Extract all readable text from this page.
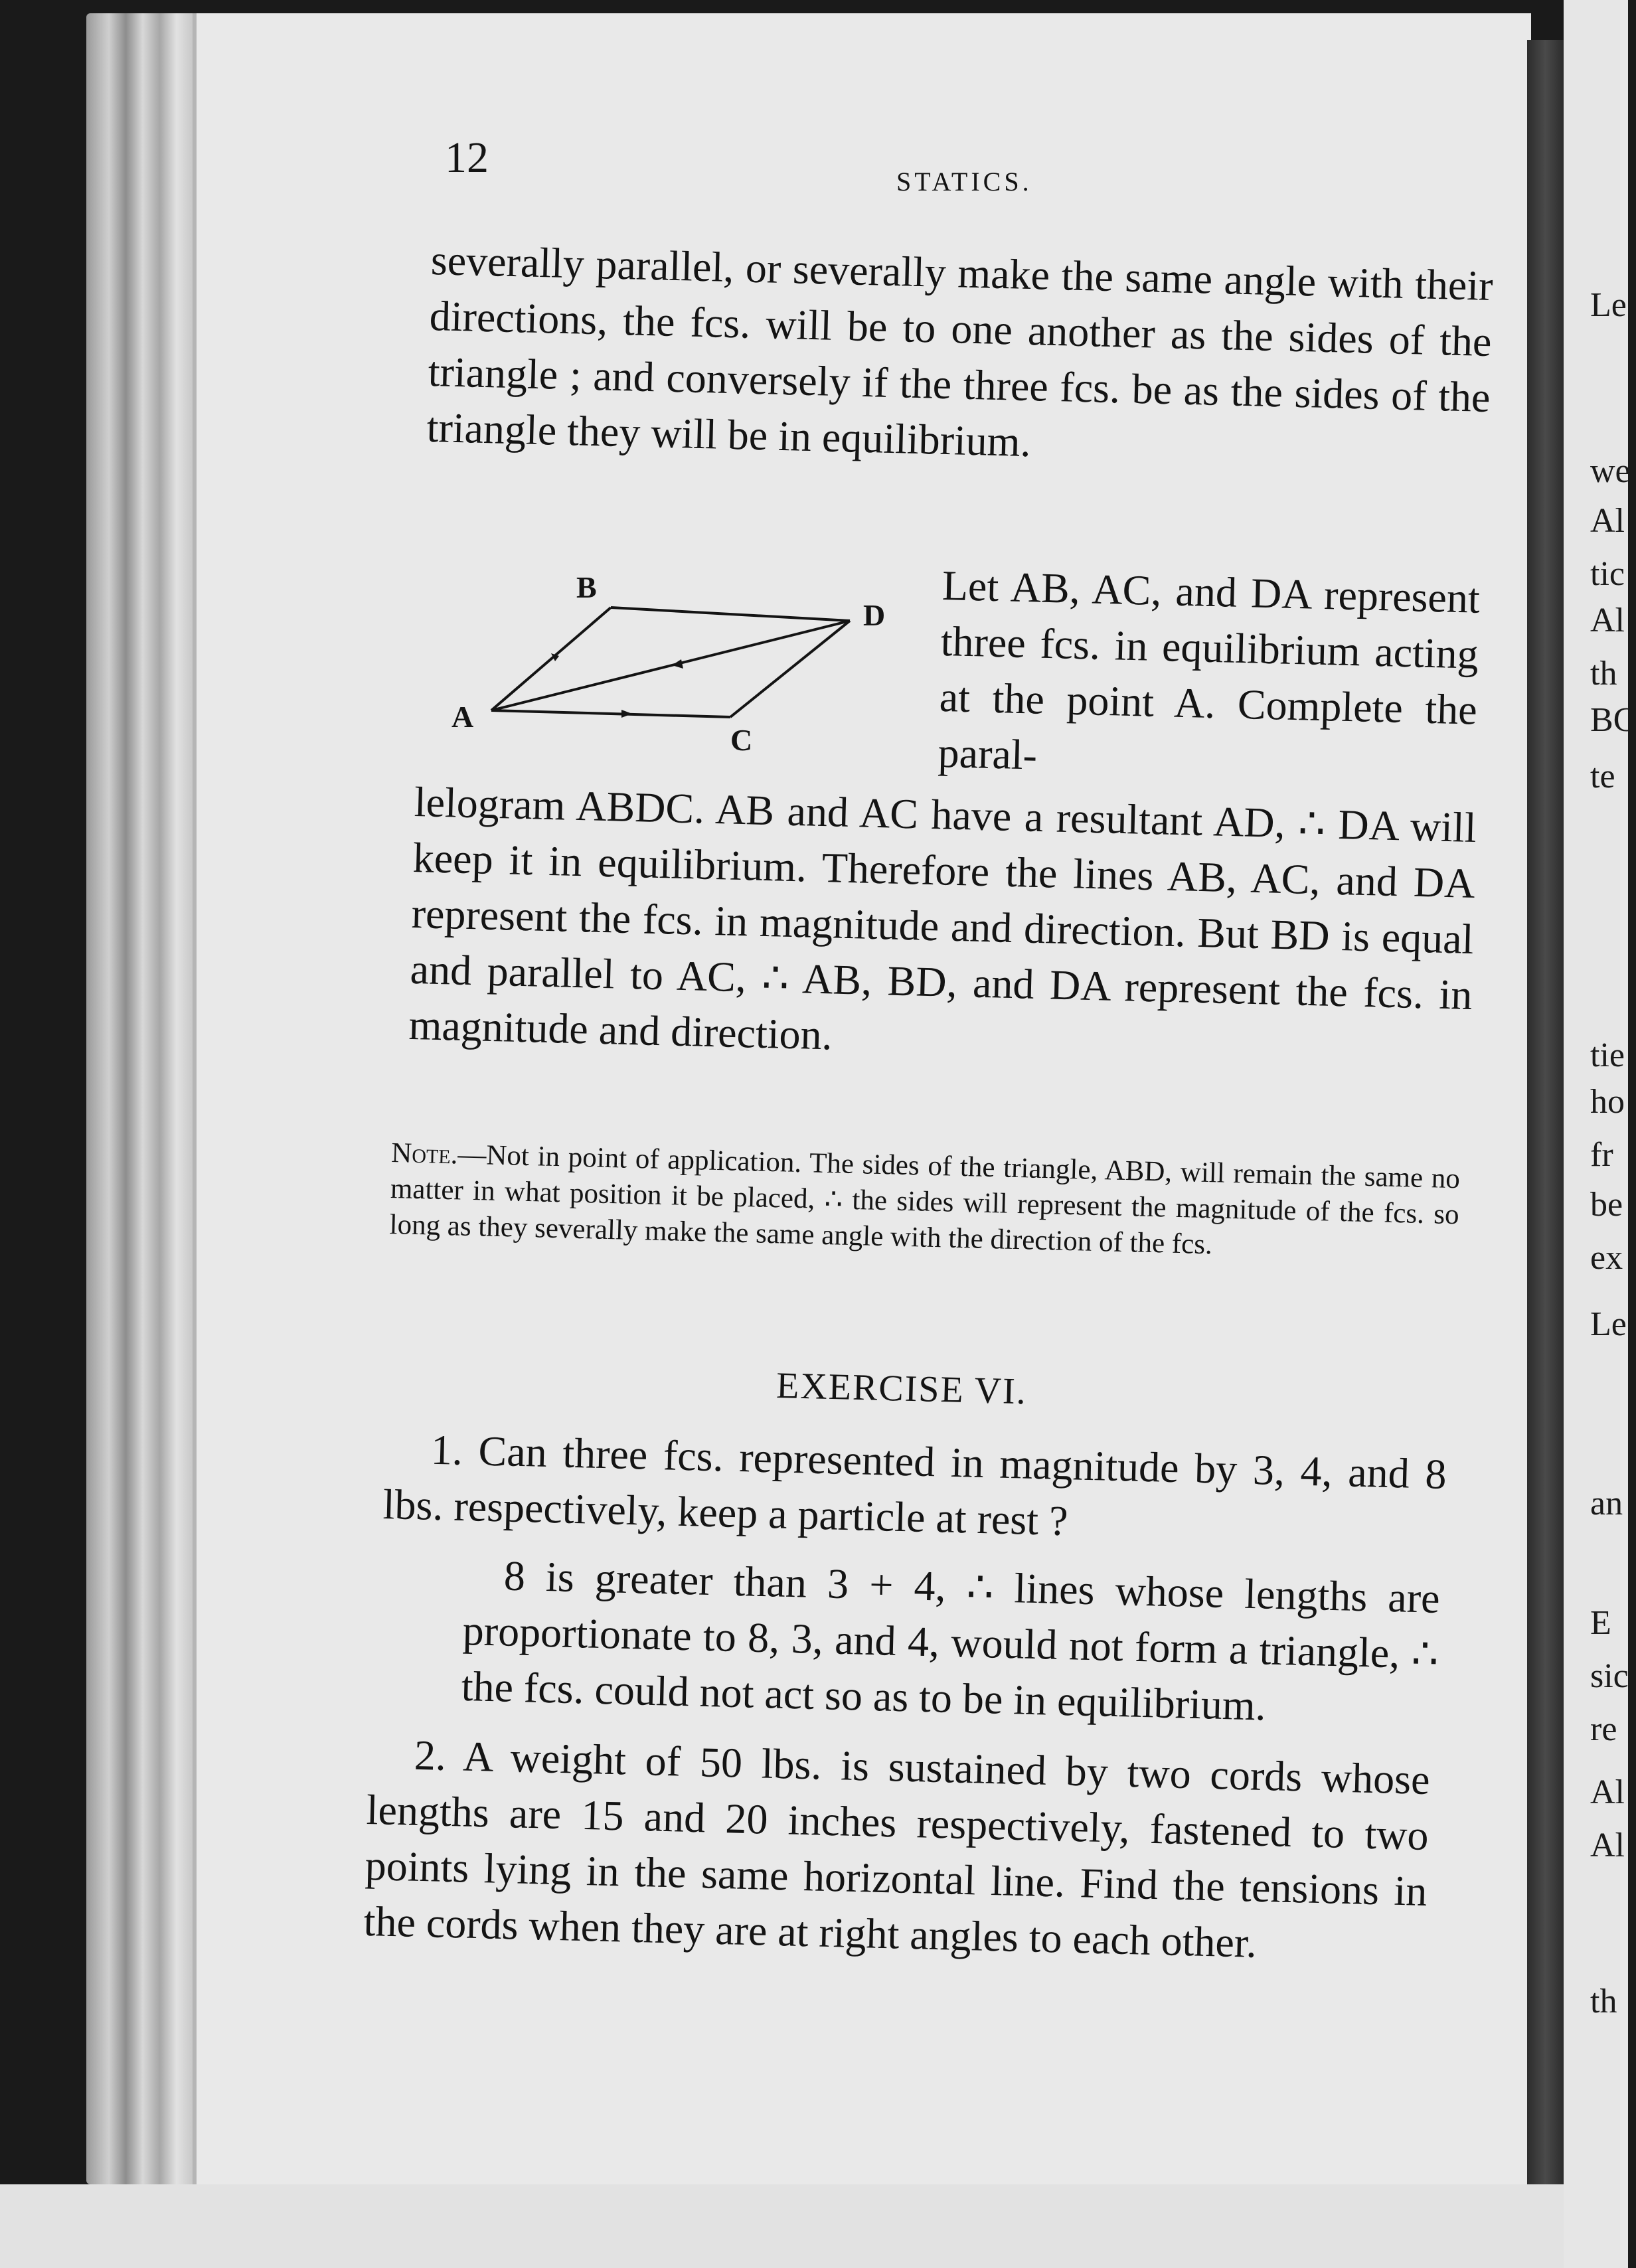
Le
we
Al
tic
Al
th
BC
te
tie
ho
fr
be
ex
Le
an
E
sic
re
Al
Al
th
12	STATICS.
severally parallel, or severally make the same angle with their directions, the fcs. will be to one another as the sides of the triangle ; and conversely if the three fcs. be as the sides of the triangle they will be in equilibrium.
A
B
C
D Let AB, AC, and DA represent three fcs. in equilibrium acting at the point A. Complete the paral-
lelogram ABDC. AB and AC have a resultant AD, ∴ DA will keep it in equilibrium. Therefore the lines AB, AC, and DA represent the fcs. in magnitude and direction. But BD is equal and parallel to AC, ∴ AB, BD, and DA represent the fcs. in magnitude and direction.
Note.—Not in point of application. The sides of the triangle, ABD, will remain the same no matter in what position it be placed, ∴ the sides will represent the magnitude of the fcs. so long as they severally make the same angle with the direction of the fcs.
EXERCISE VI.
1. Can three fcs. represented in magnitude by 3, 4, and 8 lbs. respectively, keep a particle at rest ?
8 is greater than 3 + 4, ∴ lines whose lengths are proportionate to 8, 3, and 4, would not form a triangle, ∴ the fcs. could not act so as to be in equilibrium.
2. A weight of 50 lbs. is sustained by two cords whose lengths are 15 and 20 inches respectively, fastened to two points lying in the same horizontal line. Find the tensions in the cords when they are at right angles to each other.
